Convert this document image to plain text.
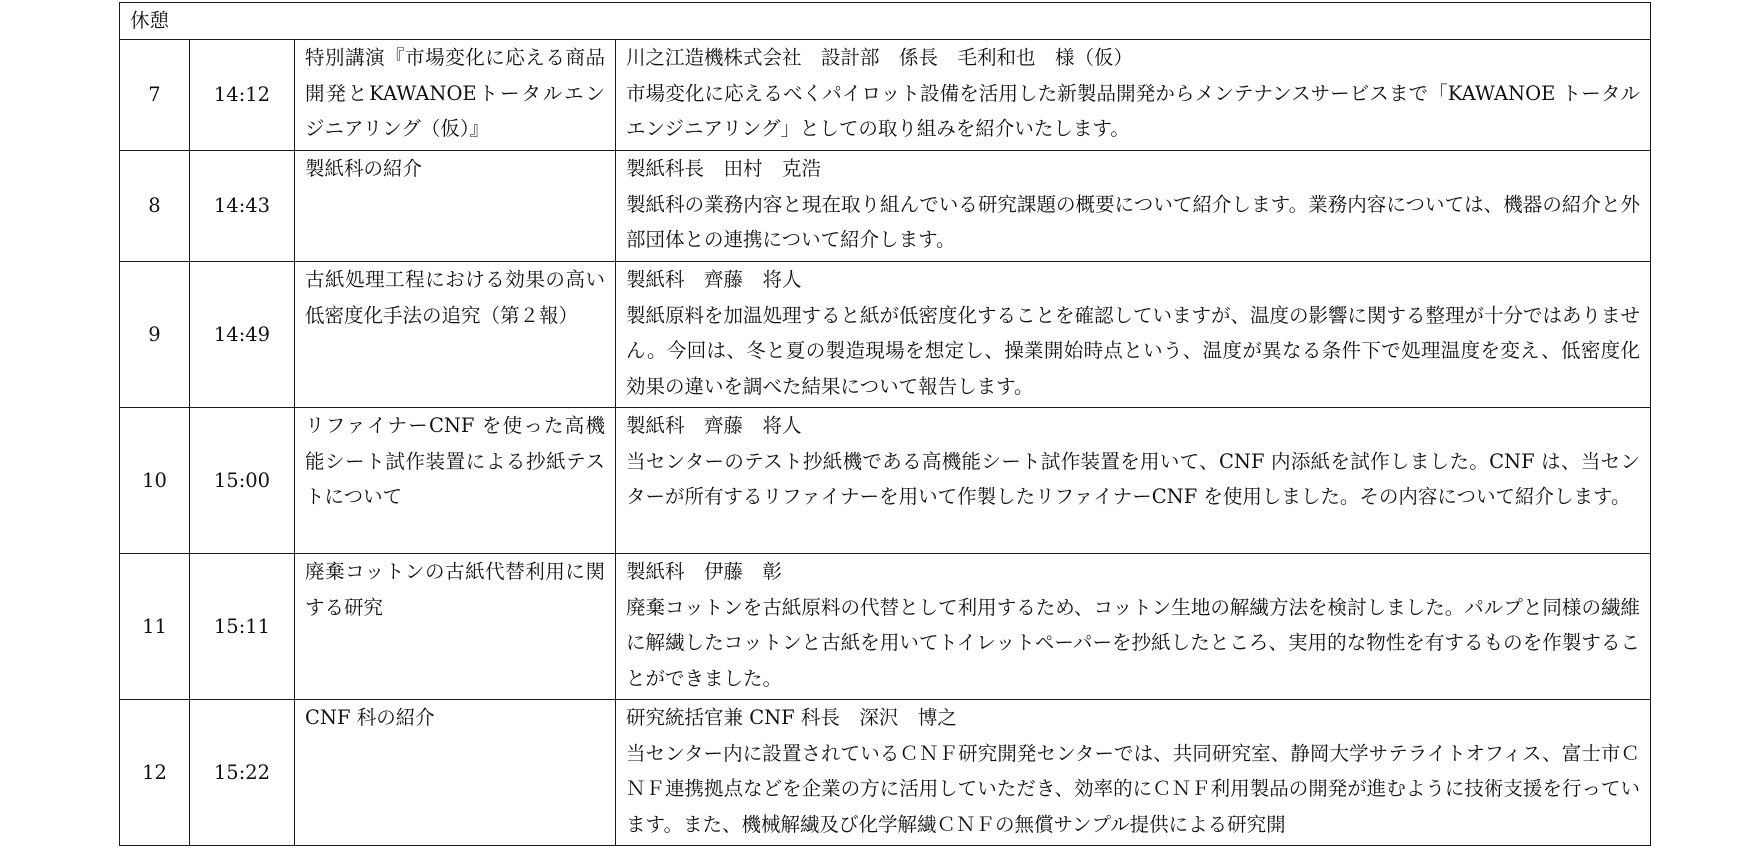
休憩			
7	14:12	特別講演『市場変化に応える商品開発とKAWANOEトータルエンジニアリング（仮）』	川之江造機株式会社　設計部　係長　毛利和也　様（仮）
市場変化に応えるべくパイロット設備を活用した新製品開発からメンテナンスサービスまで「KAWANOE トータルエンジニアリング」としての取り組みを紹介いたします。

8	14:43	製紙科の紹介	製紙科長　田村　克浩
製紙科の業務内容と現在取り組んでいる研究課題の概要について紹介します。業務内容については、機器の紹介と外部団体との連携について紹介します。

9	14:49	古紙処理工程における効果の高い低密度化手法の追究（第２報）	製紙科　齊藤　将人
製紙原料を加温処理すると紙が低密度化することを確認していますが、温度の影響に関する整理が十分ではありません。今回は、冬と夏の製造現場を想定し、操業開始時点という、温度が異なる条件下で処理温度を変え、低密度化効果の違いを調べた結果について報告します。

10	15:00	リファイナーCNF を使った高機能シート試作装置による抄紙テストについて	製紙科　齊藤　将人
当センターのテスト抄紙機である高機能シート試作装置を用いて、CNF 内添紙を試作しました。CNF は、当センターが所有するリファイナーを用いて作製したリファイナーCNF を使用しました。その内容について紹介します。

11	15:11	廃棄コットンの古紙代替利用に関する研究	製紙科　伊藤　彰
廃棄コットンを古紙原料の代替として利用するため、コットン生地の解繊方法を検討しました。パルプと同様の繊維に解繊したコットンと古紙を用いてトイレットペーパーを抄紙したところ、実用的な物性を有するものを作製することができました。

12	15:22	CNF 科の紹介	研究統括官兼 CNF 科長　深沢　博之
当センター内に設置されているＣＮＦ研究開発センターでは、共同研究室、静岡大学サテライトオフィス、富士市ＣＮＦ連携拠点などを企業の方に活用していただき、効率的にＣＮＦ利用製品の開発が進むように技術支援を行っています。また、機械解繊及び化学解繊ＣＮＦの無償サンプル提供による研究開
